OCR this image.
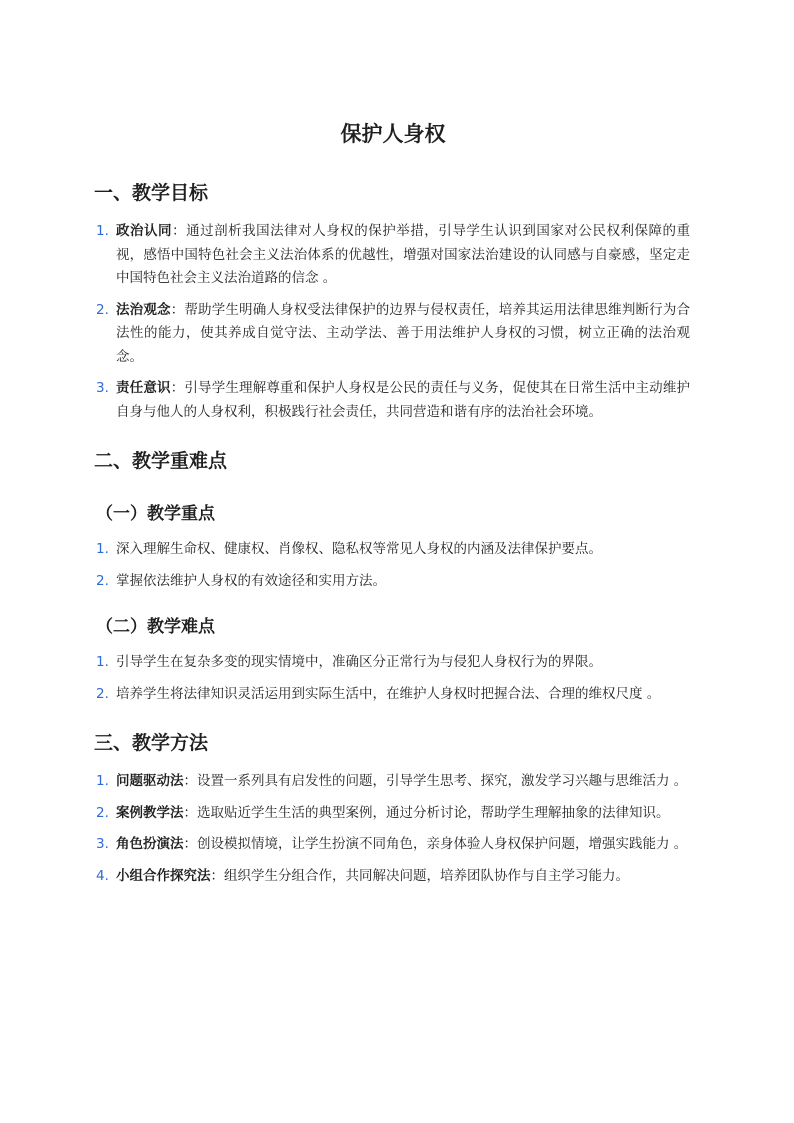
保护人身权
一、教学目标
1. 政治认同：通过剖析我国法律对人身权的保护举措，引导学生认识到国家对公民权利保障的重视，感悟中国特色社会主义法治体系的优越性，增强对国家法治建设的认同感与自豪感，坚定走中国特色社会主义法治道路的信念 。
2. 法治观念：帮助学生明确人身权受法律保护的边界与侵权责任，培养其运用法律思维判断行为合法性的能力，使其养成自觉守法、主动学法、善于用法维护人身权的习惯，树立正确的法治观念。
3. 责任意识：引导学生理解尊重和保护人身权是公民的责任与义务，促使其在日常生活中主动维护自身与他人的人身权利，积极践行社会责任，共同营造和谐有序的法治社会环境。
二、教学重难点
（一）教学重点
1. 深入理解生命权、健康权、肖像权、隐私权等常见人身权的内涵及法律保护要点。
2. 掌握依法维护人身权的有效途径和实用方法。
（二）教学难点
1. 引导学生在复杂多变的现实情境中，准确区分正常行为与侵犯人身权行为的界限。
2. 培养学生将法律知识灵活运用到实际生活中，在维护人身权时把握合法、合理的维权尺度 。
三、教学方法
1. 问题驱动法：设置一系列具有启发性的问题，引导学生思考、探究，激发学习兴趣与思维活力 。
2. 案例教学法：选取贴近学生生活的典型案例，通过分析讨论，帮助学生理解抽象的法律知识。
3. 角色扮演法：创设模拟情境，让学生扮演不同角色，亲身体验人身权保护问题，增强实践能力 。
4. 小组合作探究法：组织学生分组合作，共同解决问题，培养团队协作与自主学习能力。
